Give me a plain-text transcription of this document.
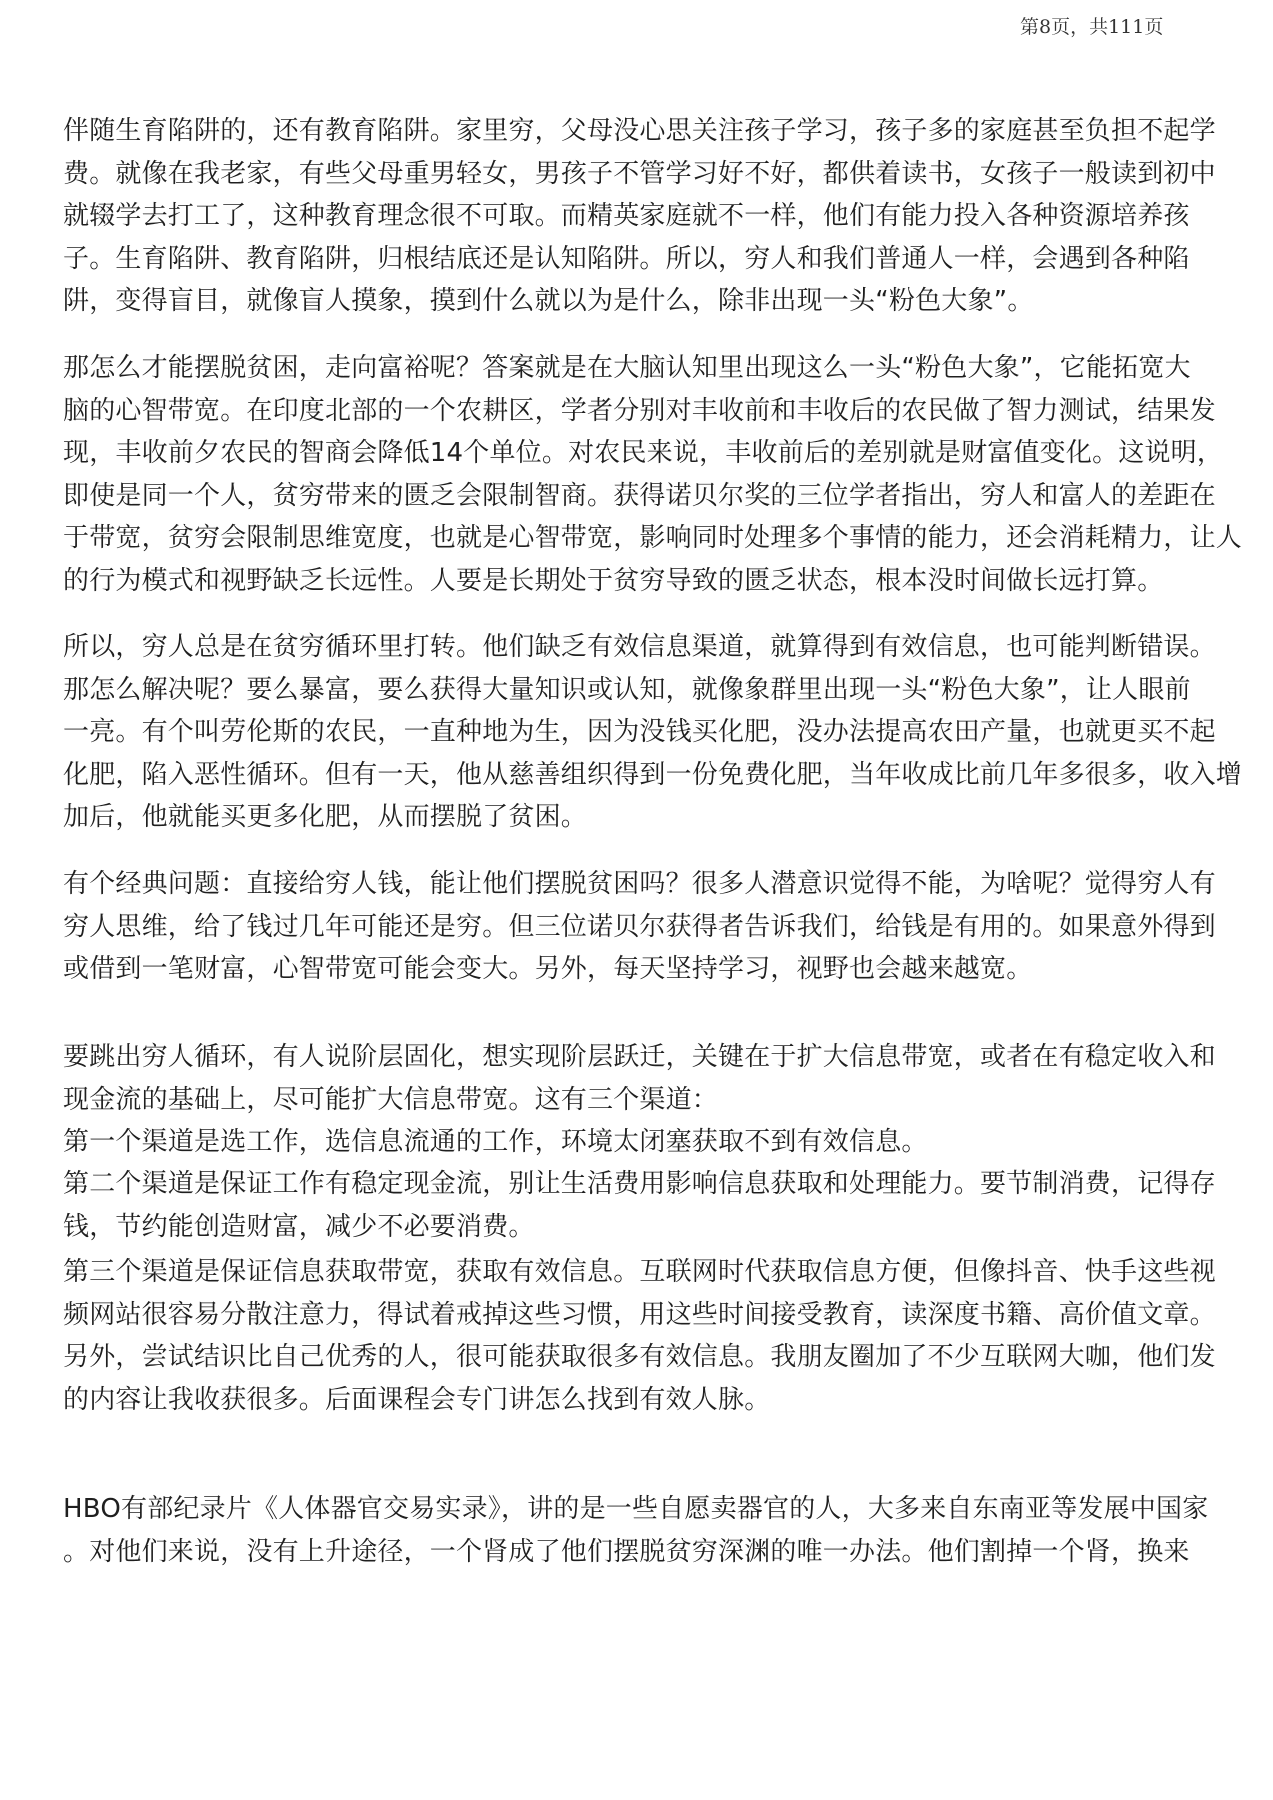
第8页，共111页

伴随生育陷阱的，还有教育陷阱。家里穷，父母没心思关注孩子学习，孩子多的家庭甚至负担不起学
费。就像在我老家，有些父母重男轻女，男孩子不管学习好不好，都供着读书，女孩子一般读到初中
就辍学去打工了，这种教育理念很不可取。而精英家庭就不一样，他们有能力投入各种资源培养孩
子。生育陷阱、教育陷阱，归根结底还是认知陷阱。所以，穷人和我们普通人一样，会遇到各种陷
阱，变得盲目，就像盲人摸象，摸到什么就以为是什么，除非出现一头“粉色大象”。

那怎么才能摆脱贫困，走向富裕呢？答案就是在大脑认知里出现这么一头“粉色大象”，它能拓宽大
脑的心智带宽。在印度北部的一个农耕区，学者分别对丰收前和丰收后的农民做了智力测试，结果发
现，丰收前夕农民的智商会降低14个单位。对农民来说，丰收前后的差别就是财富值变化。这说明，
即使是同一个人，贫穷带来的匮乏会限制智商。获得诺贝尔奖的三位学者指出，穷人和富人的差距在
于带宽，贫穷会限制思维宽度，也就是心智带宽，影响同时处理多个事情的能力，还会消耗精力，让人
的行为模式和视野缺乏长远性。人要是长期处于贫穷导致的匮乏状态，根本没时间做长远打算。

所以，穷人总是在贫穷循环里打转。他们缺乏有效信息渠道，就算得到有效信息，也可能判断错误。
那怎么解决呢？要么暴富，要么获得大量知识或认知，就像象群里出现一头“粉色大象”，让人眼前
一亮。有个叫劳伦斯的农民，一直种地为生，因为没钱买化肥，没办法提高农田产量，也就更买不起
化肥，陷入恶性循环。但有一天，他从慈善组织得到一份免费化肥，当年收成比前几年多很多，收入增
加后，他就能买更多化肥，从而摆脱了贫困。

有个经典问题：直接给穷人钱，能让他们摆脱贫困吗？很多人潜意识觉得不能，为啥呢？觉得穷人有
穷人思维，给了钱过几年可能还是穷。但三位诺贝尔获得者告诉我们，给钱是有用的。如果意外得到
或借到一笔财富，心智带宽可能会变大。另外，每天坚持学习，视野也会越来越宽。

要跳出穷人循环，有人说阶层固化，想实现阶层跃迁，关键在于扩大信息带宽，或者在有稳定收入和
现金流的基础上，尽可能扩大信息带宽。这有三个渠道：
第一个渠道是选工作，选信息流通的工作，环境太闭塞获取不到有效信息。

第二个渠道是保证工作有稳定现金流，别让生活费用影响信息获取和处理能力。要节制消费，记得存
钱，节约能创造财富，减少不必要消费。

第三个渠道是保证信息获取带宽，获取有效信息。互联网时代获取信息方便，但像抖音、快手这些视
频网站很容易分散注意力，得试着戒掉这些习惯，用这些时间接受教育，读深度书籍、高价值文章。
另外，尝试结识比自己优秀的人，很可能获取很多有效信息。我朋友圈加了不少互联网大咖，他们发
的内容让我收获很多。后面课程会专门讲怎么找到有效人脉。

HBO有部纪录片《人体器官交易实录》，讲的是一些自愿卖器官的人，大多来自东南亚等发展中国家
。对他们来说，没有上升途径，一个肾成了他们摆脱贫穷深渊的唯一办法。他们割掉一个肾，换来
